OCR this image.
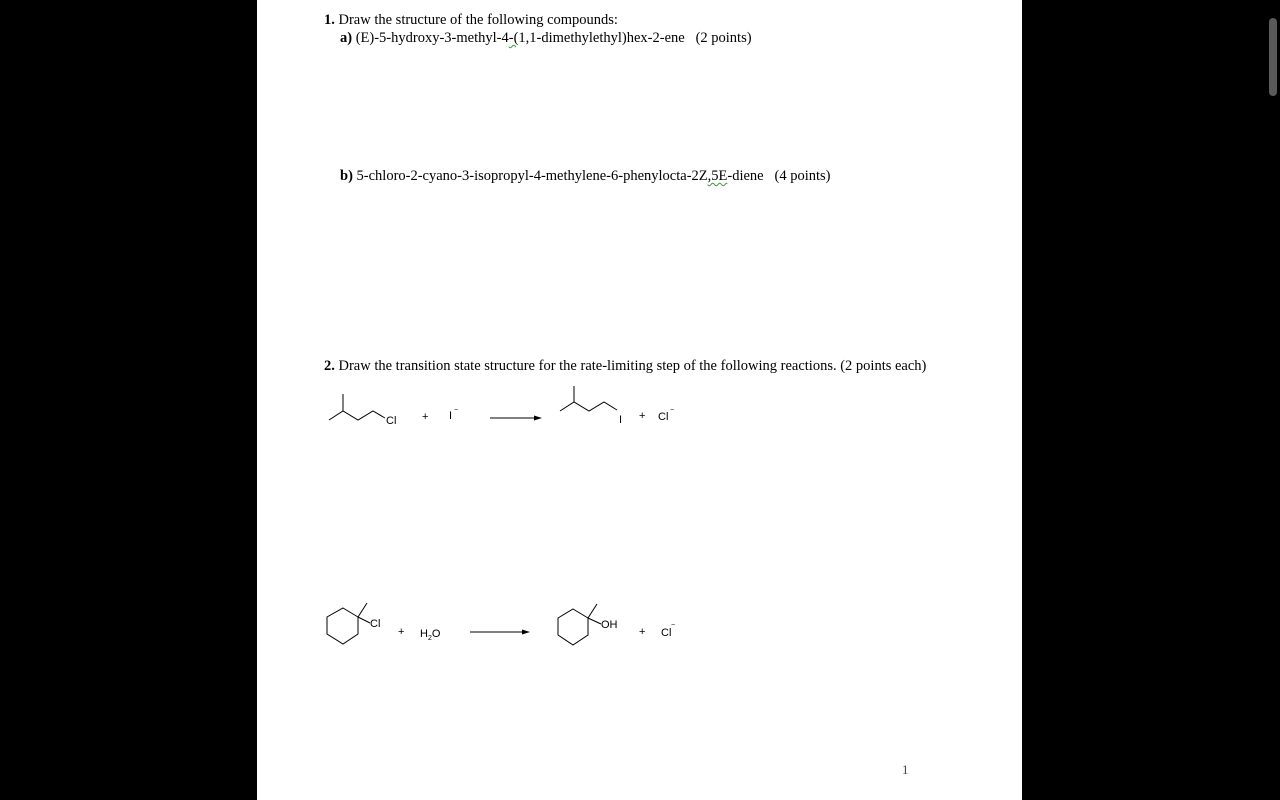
1. Draw the structure of the following compounds:
a) (E)-5-hydroxy-3-methyl-4-(1,1-dimethylethyl)hex-2-ene (2 points)
b) 5-chloro-2-cyano-3-isopropyl-4-methylene-6-phenylocta-2Z,5E-diene (4 points)
2. Draw the transition state structure for the rate-limiting step of the following reactions. (2 points each)
Cl + I −
I + Cl
−
Cl
+ $H_2O$
OH
+ Cl
−
1
